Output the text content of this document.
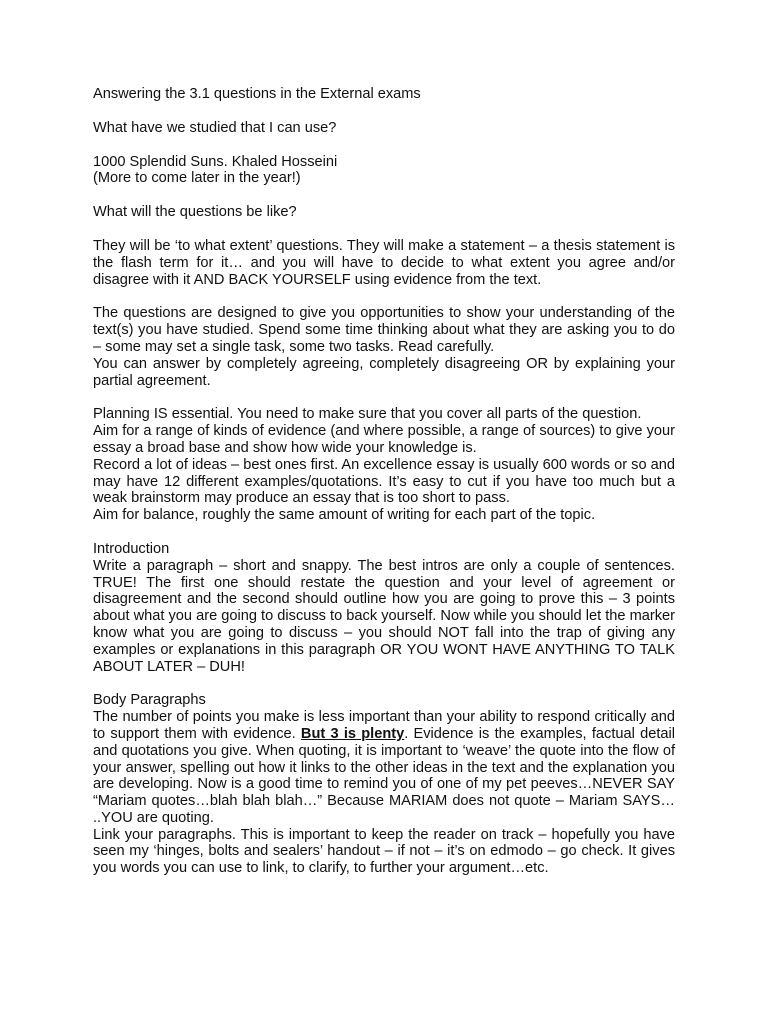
Answering the 3.1 questions in the External exams

What have we studied that I can use?

1000 Splendid Suns. Khaled Hosseini

(More to come later in the year!)

What will the questions be like?

They will be ‘to what extent’ questions. They will make a statement – a thesis statement is the flash term for it… and you will have to decide to what extent you agree and/or disagree with it AND BACK YOURSELF using evidence from the text.

The questions are designed to give you opportunities to show your understanding of the text(s) you have studied. Spend some time thinking about what they are asking you to do – some may set a single task, some two tasks. Read carefully.

You can answer by completely agreeing, completely disagreeing OR by explaining your partial agreement.

Planning IS essential. You need to make sure that you cover all parts of the question.

Aim for a range of kinds of evidence (and where possible, a range of sources) to give your essay a broad base and show how wide your knowledge is.

Record a lot of ideas – best ones first. An excellence essay is usually 600 words or so and may have 12 different examples/quotations. It’s easy to cut if you have too much but a weak brainstorm may produce an essay that is too short to pass.

Aim for balance, roughly the same amount of writing for each part of the topic.

Introduction

Write a paragraph – short and snappy. The best intros are only a couple of sentences. TRUE! The first one should restate the question and your level of agreement or disagreement and the second should outline how you are going to prove this – 3 points about what you are going to discuss to back yourself. Now while you should let the marker know what you are going to discuss – you should NOT fall into the trap of giving any examples or explanations in this paragraph OR YOU WONT HAVE ANYTHING TO TALK ABOUT LATER – DUH!

Body Paragraphs

The number of points you make is less important than your ability to respond critically and to support them with evidence. But 3 is plenty. Evidence is the examples, factual detail and quotations you give. When quoting, it is important to ‘weave’ the quote into the flow of your answer, spelling out how it links to the other ideas in the text and the explanation you are developing. Now is a good time to remind you of one of my pet peeves…NEVER SAY “Mariam quotes…blah blah blah…” Because MARIAM does not quote – Mariam SAYS… ..YOU are quoting.

Link your paragraphs. This is important to keep the reader on track – hopefully you have seen my ‘hinges, bolts and sealers’ handout – if not – it’s on edmodo – go check. It gives you words you can use to link, to clarify, to further your argument…etc.
